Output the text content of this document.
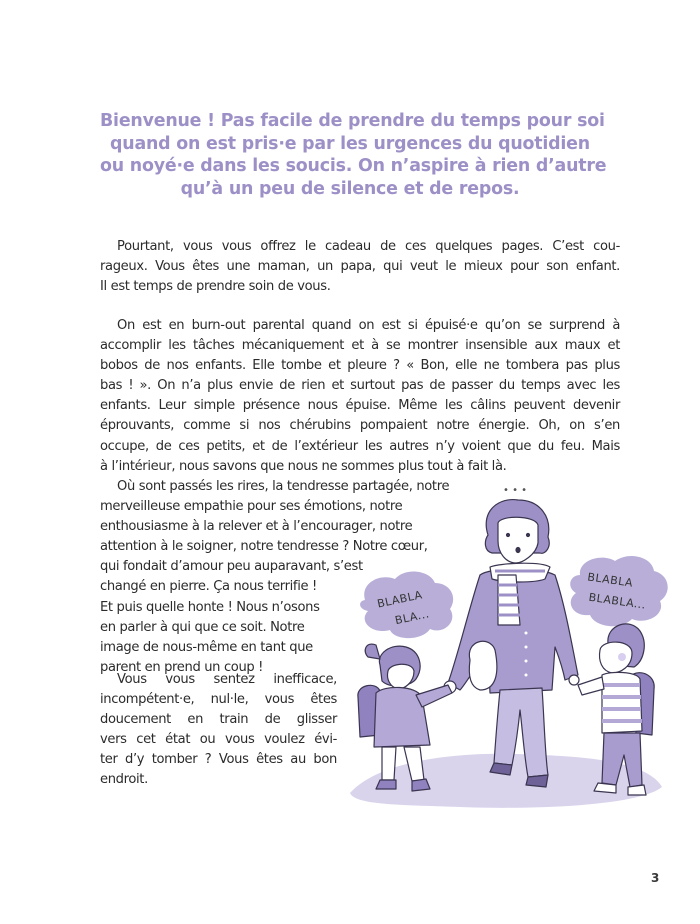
Bienvenue ! Pas facile de prendre du temps pour soi
quand on est pris·e par les urgences du quotidien
ou noyé·e dans les soucis. On n’aspire à rien d’autre
qu’à un peu de silence et de repos.
Pourtant, vous vous offrez le cadeau de ces quelques pages. C’est cou-
rageux. Vous êtes une maman, un papa, qui veut le mieux pour son enfant.
Il est temps de prendre soin de vous.
On est en burn-out parental quand on est si épuisé·e qu’on se surprend à
accomplir les tâches mécaniquement et à se montrer insensible aux maux et
bobos de nos enfants. Elle tombe et pleure ? « Bon, elle ne tombera pas plus
bas ! ». On n’a plus envie de rien et surtout pas de passer du temps avec les
enfants. Leur simple présence nous épuise. Même les câlins peuvent devenir
éprouvants, comme si nos chérubins pompaient notre énergie. Oh, on s’en
occupe, de ces petits, et de l’extérieur les autres n’y voient que du feu. Mais
à l’intérieur, nous savons que nous ne sommes plus tout à fait là.
Où sont passés les rires, la tendresse partagée, notre
merveilleuse empathie pour ses émotions, notre
enthousiasme à la relever et à l’encourager, notre
attention à le soigner, notre tendresse ? Notre cœur,
qui fondait d’amour peu auparavant, s’est
changé en pierre. Ça nous terrifie !
Et puis quelle honte ! Nous n’osons
en parler à qui que ce soit. Notre
image de nous-même en tant que
parent en prend un coup !
Vous vous sentez inefficace,
incompétent·e, nul·le, vous êtes
doucement en train de glisser
vers cet état ou vous voulez évi-
ter d’y tomber ? Vous êtes au bon
endroit.
BLABLA
BLA...
BLABLA
BLABLA...
• • •
3
